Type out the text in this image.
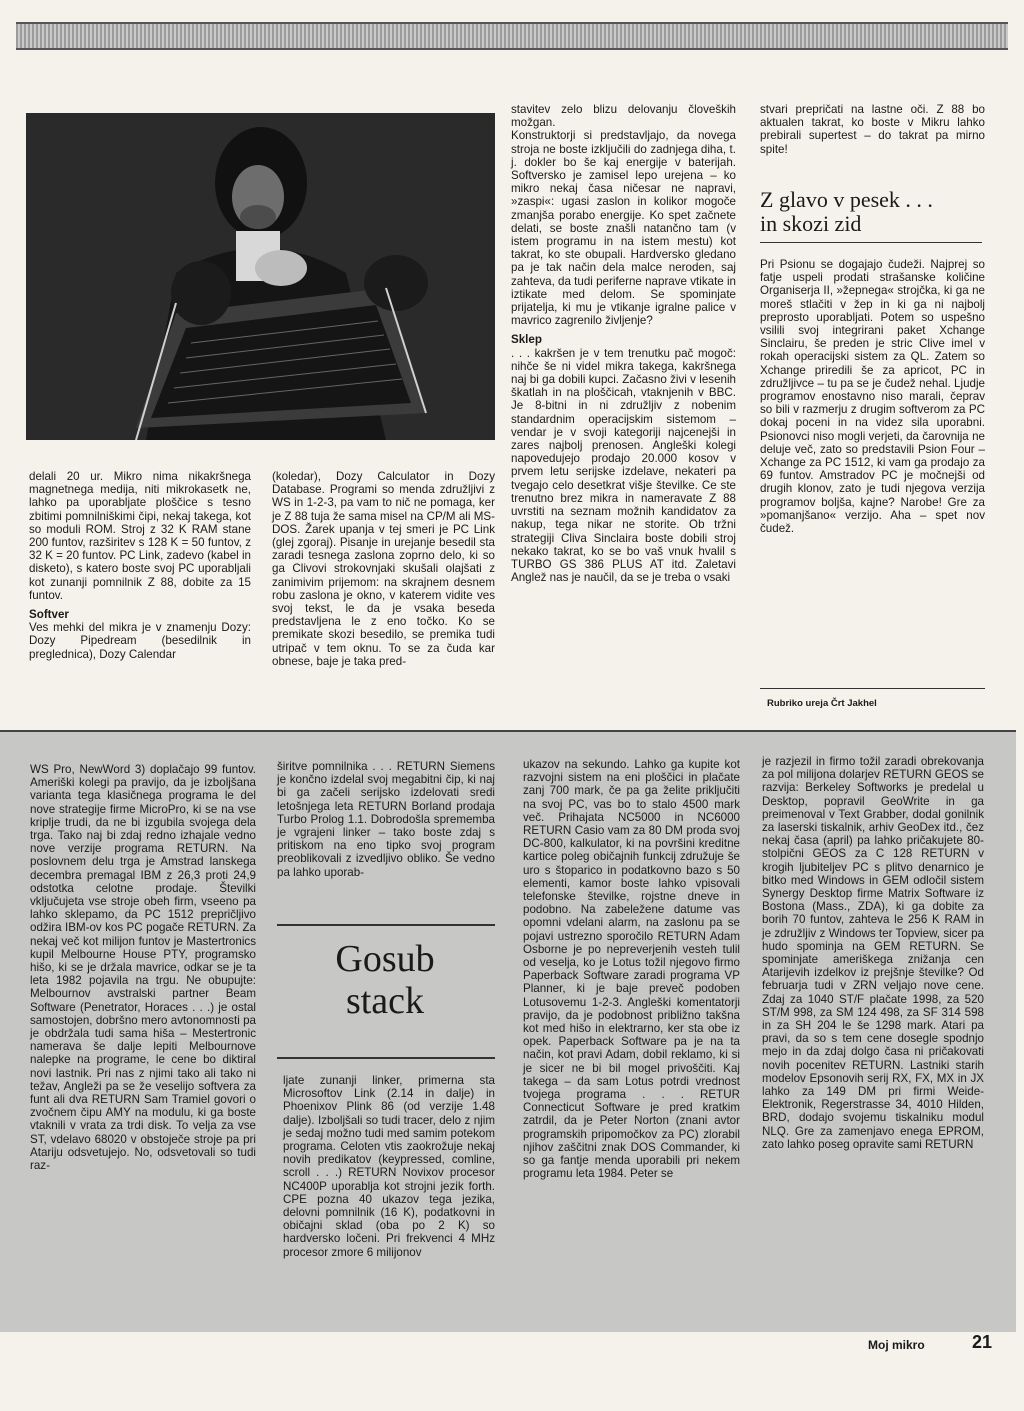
delali 20 ur. Mikro nima nikakršnega magnetnega medija, niti mikrokasetk ne, lahko pa uporabljate ploščice s tesno zbitimi pomnilniškimi čipi, nekaj takega, kot so moduli ROM. Stroj z 32 K RAM stane 200 funtov, razširitev s 128 K = 50 funtov, z 32 K = 20 funtov. PC Link, zadevo (kabel in disketo), s katero boste svoj PC uporabljali kot zunanji pomnilnik Z 88, dobite za 15 funtov.

Softver

Ves mehki del mikra je v znamenju Dozy: Dozy Pipedream (besedilnik in preglednica), Dozy Calendar

(koledar), Dozy Calculator in Dozy Database. Programi so menda združljivi z WS in 1-2-3, pa vam to nič ne pomaga, ker je Z 88 tuja že sama misel na CP/M ali MS-DOS. Žarek upanja v tej smeri je PC Link (glej zgoraj). Pisanje in urejanje besedil sta zaradi tesnega zaslona zoprno delo, ki so ga Clivovi strokovnjaki skušali olajšati z zanimivim prijemom: na skrajnem desnem robu zaslona je okno, v katerem vidite ves svoj tekst, le da je vsaka beseda predstavljena le z eno točko. Ko se premikate skozi besedilo, se premika tudi utripač v tem oknu. To se za čuda kar obnese, baje je taka pred-

stavitev zelo blizu delovanju človeških možgan.

Konstruktorji si predstavljajo, da novega stroja ne boste izključili do zadnjega diha, t. j. dokler bo še kaj energije v baterijah. Softversko je zamisel lepo urejena – ko mikro nekaj časa ničesar ne napravi, »zaspi«: ugasi zaslon in kolikor mogoče zmanjša porabo energije. Ko spet začnete delati, se boste znašli natančno tam (v istem programu in na istem mestu) kot takrat, ko ste obupali. Hardversko gledano pa je tak način dela malce neroden, saj zahteva, da tudi periferne naprave vtikate in iztikate med delom. Se spominjate prijatelja, ki mu je vtikanje igralne palice v mavrico zagrenilo življenje?

Sklep

. . . kakršen je v tem trenutku pač mogoč: nihče še ni videl mikra takega, kakršnega naj bi ga dobili kupci. Začasno živi v lesenih škatlah in na ploščicah, vtaknjenih v BBC. Je 8-bitni in ni združljiv z nobenim standardnim operacijskim sistemom – vendar je v svoji kategoriji najcenejši in zares najbolj prenosen. Angleški kolegi napovedujejo prodajo 20.000 kosov v prvem letu serijske izdelave, nekateri pa tvegajo celo desetkrat višje številke. Ce ste trenutno brez mikra in nameravate Z 88 uvrstiti na seznam možnih kandidatov za nakup, tega nikar ne storite. Ob tržni strategiji Cliva Sinclaira boste dobili stroj nekako takrat, ko se bo vaš vnuk hvalil s TURBO GS 386 PLUS AT itd. Zaletavi Anglež nas je naučil, da se je treba o vsaki

stvari prepričati na lastne oči. Z 88 bo aktualen takrat, ko boste v Mikru lahko prebirali supertest – do takrat pa mirno spite!

Z glavo v pesek . . .
in skozi zid

Pri Psionu se dogajajo čudeži. Najprej so fatje uspeli prodati strašanske količine Organiserja II, »žepnega« strojčka, ki ga ne moreš stlačiti v žep in ki ga ni najbolj preprosto uporabljati. Potem so uspešno vsilili svoj integrirani paket Xchange Sinclairu, še preden je stric Clive imel v rokah operacijski sistem za QL. Zatem so Xchange priredili še za apricot, PC in združljivce – tu pa se je čudež nehal. Ljudje programov enostavno niso marali, čeprav so bili v razmerju z drugim softverom za PC dokaj poceni in na videz sila uporabni. Psionovci niso mogli verjeti, da čarovnija ne deluje več, zato so predstavili Psion Four – Xchange za PC 1512, ki vam ga prodajo za 69 funtov. Amstradov PC je močnejši od drugih klonov, zato je tudi njegova verzija programov boljša, kajne? Narobe! Gre za »pomanjšano« verzijo. Aha – spet nov čudež.

Rubriko ureja Črt Jakhel

WS Pro, NewWord 3) doplačajo 99 funtov. Ameriški kolegi pa pravijo, da je izboljšana varianta tega klasičnega programa le del nove strategije firme MicroPro, ki se na vse kriplje trudi, da ne bi izgubila svojega dela trga. Tako naj bi zdaj redno izhajale vedno nove verzije programa RETURN. Na poslovnem delu trga je Amstrad lanskega decembra premagal IBM z 26,3 proti 24,9 odstotka celotne prodaje. Številki vključujeta vse stroje obeh firm, vseeno pa lahko sklepamo, da PC 1512 prepričljivo odžira IBM-ov kos PC pogače RETURN. Za nekaj več kot milijon funtov je Mastertronics kupil Melbourne House PTY, programsko hišo, ki se je držala mavrice, odkar se je ta leta 1982 pojavila na trgu. Ne obupujte: Melbournov avstralski partner Beam Software (Penetrator, Horaces . . .) je ostal samostojen, dobršno mero avtonomnosti pa je obdržala tudi sama hiša – Mestertronic namerava še dalje lepiti Melbournove nalepke na programe, le cene bo diktiral novi lastnik. Pri nas z njimi tako ali tako ni težav, Angleži pa se že veselijo softvera za funt ali dva RETURN Sam Tramiel govori o zvočnem čipu AMY na modulu, ki ga boste vtaknili v vrata za trdi disk. To velja za vse ST, vdelavo 68020 v obstoječe stroje pa pri Atariju odsvetujejo. No, odsvetovali so tudi raz-

širitve pomnilnika . . . RETURN Siemens je končno izdelal svoj megabitni čip, ki naj bi ga začeli serijsko izdelovati sredi letošnjega leta RETURN Borland prodaja Turbo Prolog 1.1. Dobrodošla sprememba je vgrajeni linker – tako boste zdaj s pritiskom na eno tipko svoj program preoblikovali z izvedljivo obliko. Še vedno pa lahko uporab-

Gosub
stack

ljate zunanji linker, primerna sta Microsoftov Link (2.14 in dalje) in Phoenixov Plink 86 (od verzije 1.48 dalje). Izboljšali so tudi tracer, delo z njim je sedaj možno tudi med samim potekom programa. Celoten vtis zaokrožuje nekaj novih predikatov (keypressed, comline, scroll . . .) RETURN Novixov procesor NC400P uporablja kot strojni jezik forth. CPE pozna 40 ukazov tega jezika, delovni pomnilnik (16 K), podatkovni in običajni sklad (oba po 2 K) so hardversko ločeni. Pri frekvenci 4 MHz procesor zmore 6 milijonov

ukazov na sekundo. Lahko ga kupite kot razvojni sistem na eni ploščici in plačate zanj 700 mark, če pa ga želite priključiti na svoj PC, vas bo to stalo 4500 mark več. Prihajata NC5000 in NC6000 RETURN Casio vam za 80 DM proda svoj DC-800, kalkulator, ki na površini kreditne kartice poleg običajnih funkcij združuje še uro s štoparico in podatkovno bazo s 50 elementi, kamor boste lahko vpisovali telefonske številke, rojstne dneve in podobno. Na zabeležene datume vas opomni vdelani alarm, na zaslonu pa se pojavi ustrezno sporočilo RETURN Adam Osborne je po nepreverjenih vesteh tulil od veselja, ko je Lotus tožil njegovo firmo Paperback Software zaradi programa VP Planner, ki je baje preveč podoben Lotusovemu 1-2-3. Angleški komentatorji pravijo, da je podobnost približno takšna kot med hišo in elektrarno, ker sta obe iz opek. Paperback Software pa je na ta način, kot pravi Adam, dobil reklamo, ki si je sicer ne bi bil mogel privoščiti. Kaj takega – da sam Lotus potrdi vrednost tvojega programa . . . RETUR Connecticut Software je pred kratkim zatrdil, da je Peter Norton (znani avtor programskih pripomočkov za PC) zlorabil njihov zaščitni znak DOS Commander, ki so ga fantje menda uporabili pri nekem programu leta 1984. Peter se

je razjezil in firmo tožil zaradi obrekovanja za pol milijona dolarjev RETURN GEOS se razvija: Berkeley Softworks je predelal u Desktop, popravil GeoWrite in ga preimenoval v Text Grabber, dodal gonilnik za laserski tiskalnik, arhiv GeoDex itd., čez nekaj časa (april) pa lahko pričakujete 80-stolpični GEOS za C 128 RETURN v krogih ljubiteljev PC s plitvo denarnico je bitko med Windows in GEM odločil sistem Synergy Desktop firme Matrix Software iz Bostona (Mass., ZDA), ki ga dobite za borih 70 funtov, zahteva le 256 K RAM in je združljiv z Windows ter Topview, sicer pa hudo spominja na GEM RETURN. Se spominjate ameriškega znižanja cen Atarijevih izdelkov iz prejšnje številke? Od februarja tudi v ZRN veljajo nove cene. Zdaj za 1040 ST/F plačate 1998, za 520 ST/M 998, za SM 124 498, za SF 314 598 in za SH 204 le še 1298 mark. Atari pa pravi, da so s tem cene dosegle spodnjo mejo in da zdaj dolgo časa ni pričakovati novih pocenitev RETURN. Lastniki starih modelov Epsonovih serij RX, FX, MX in JX lahko za 149 DM pri firmi Weide-Elektronik, Regerstrasse 34, 4010 Hilden, BRD, dodajo svojemu tiskalniku modul NLQ. Gre za zamenjavo enega EPROM, zato lahko poseg opravite sami RETURN

Moj mikro	21
